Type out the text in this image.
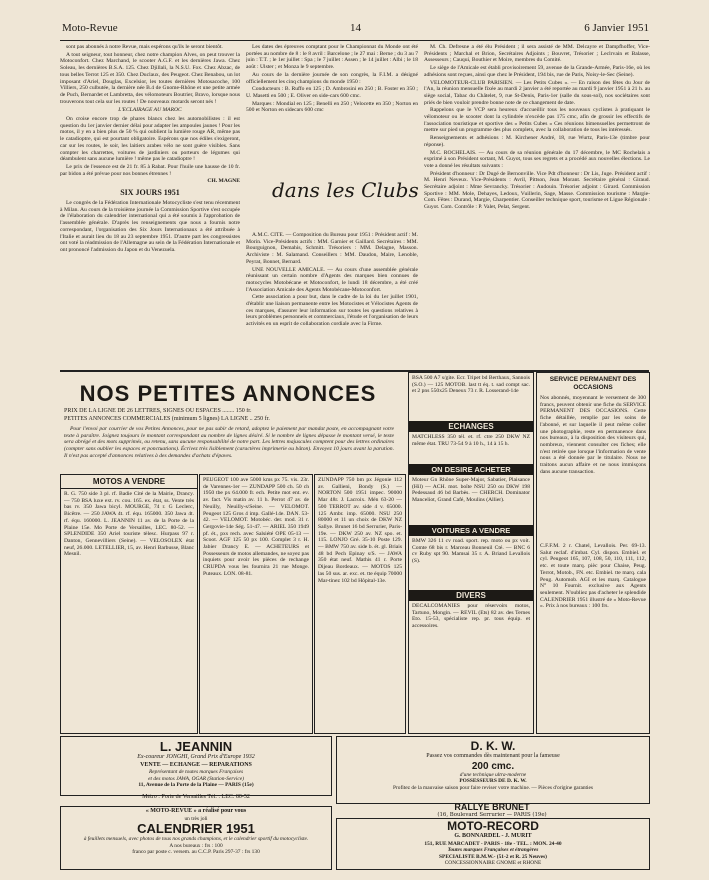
Moto-Revue	14	6 Janvier 1951

sont pas abonnés à notre Revue, mais espérons qu'ils le seront bientôt.

A tout seigneur, tout honneur, chez notre champion Alves, on peut trouver la Motoconfort. Chez Marchand, le scooter A.G.F. et les dernières Jawa. Chez Soleau, les dernières B.S.A. 125. Chez Djillali, la N.S.U. Fox. Chez Abzac, de tous belles Terrot 125 et 350. Chez Duclaux, des Peugeot. Chez Benabou, un lot imposant d'Ariel, Douglas, Excelsior, les toutes dernières Motosacoche, 100 Villiers, 250 culbutée, la dernière née B.4 de Gnome-Rhône et une petite armée de Puch, Bernardet et Lambretta, des vélomoteurs Boutrier, Bravo, lorsque nous trouverons tout cela sur les routes ! De nouveaux motards seront nés !

L'ECLAIRAGE AU MAROC

On croise encore trop de phares blancs chez les automobilistes : il est question du 1er janvier dernier délai pour adapter les ampoules jaunes ! Pour les motos, il y en a bien plus de 50 % qui oublient la lumière rouge AR, même pas le catadioptre, qui est pourtant obligatoire. Espérons que nos édiles s'exigeront, car sur les routes, le soir, les laitiers arabes vélo ne sont guère visibles. Sans compter les charrettes, voitures de jardiniers ou porteurs de légumes qui déambulent sans aucune lumière ! même pas le catadioptre !

Le prix de l'essence est de 21 fr. 85 à Rabat. Pour l'huile une hausse de 10 fr. par bidon a été prévue pour nos bonnes étrennes !

CH. MAGNE
SIX JOURS 1951

Le congrès de la Fédération Internationale Motocycliste s'est tenu récemment à Milan. Au cours de la troisième journée la Commission Sportive s'est occupée de l'élaboration du calendrier international qui a été soumis à l'approbation de l'assemblée générale. D'après les renseignements que nous a fournis notre correspondant, l'organisation des Six Jours Internationaux a été attribuée à l'Italie et aurait lieu du 18 au 23 septembre 1951. D'autre part les congressistes ont voté la réadmission de l'Allemagne au sein de la Fédération Internationale et ont prononcé l'admission du Japon et du Venezuela.

Les dates des épreuves comptant pour le Championnat du Monde ont été portées au nombre de 8 : le 8 avril : Barcelone ; le 27 mai : Berne ; du 3 au 7 juin : T.T. ; le 1er juillet : Spa ; le 7 juillet : Assen ; le 14 juillet : Albi ; le 18 août : Ulster ; et Monza le 9 septembre.

Au cours de la dernière journée de son congrès, la F.I.M. a désigné officiellement les cinq champions du monde 1950 :

Conducteurs : B. Ruffo en 125 ; D. Ambrosini en 250 ; B. Foster en 350 ; U. Masetti en 500 ; E. Oliver en side-cars 600 cmc.

Marques : Mondial en 125 ; Benelli en 250 ; Velocette en 350 ; Norton en 500 et Norton en sidecars 600 cmc

dans les Clubs

A.M.C. CITE. — Composition du Bureau pour 1951 : Président actif : M. Morin. Vice-Présidents actifs : MM. Garnier et Gaillard. Secrétaires : MM. Bourguignon, Demahis, Schmitt. Trésoriers : MM. Delagne, Masson. Archiviste : M. Salamand. Conseillers : MM. Daudon, Maire, Lenoble, Peyrat, Bonnet, Bernard.

UNE NOUVELLE AMICALE. — Au cours d'une assemblée générale réunissant un certain nombre d'Agents des marques bien connues de motocycles Motobécane et Motoconfort, le lundi 18 décembre, a été créé l'Association Amicale des Agents Motobécane-Motoconfort.

Cette association a pour but, dans le cadre de la loi du 1er juillet 1901, d'établir une liaison permanente entre les Motocistes et Vélocistes Agents de ces marques, d'assurer leur information sur toutes les questions relatives à leurs problèmes personnels et commerciaux, l'étude et l'organisation de leurs activités en un esprit de collaboration cordiale avec la Firme.

M. Ch. Defresne a été élu Président ; il sera assisté de MM. Delcayre et Dampfhoffer, Vice-Présidents ; Marchal et Brion, Secrétaires Adjoints ; Bouvret, Trésorier ; Leclrvain et Balasse, Assesseurs ; Cauqui, Bouthier et Moire, membres du Comité.

Le siège de l'Amicale est établi provisoirement 59, avenue de la Grande-Armée, Paris-16e, où les adhésions sont reçues, ainsi que chez le Président, 194 bis, rue de Paris, Noisy-le-Sec (Seine).

VELOMOTEUR-CLUB PARISIEN. — Les Petits Cubes ». — En raison des fêtes du Jour de l'An, la réunion mensuelle fixée au mardi 2 janvier a été reportée au mardi 9 janvier 1951 à 21 h. au siège social, Tabac du Châtelet, 9, rue St-Denis, Paris-1er (salle du sous-sol), nos sociétaires sont priés de bien vouloir prendre bonne note de ce changement de date.

Rappelons que le VCP sera heureux d'accueillir tous les nouveaux cyclistes à pratiquant le vélomoteur ou le scooter dont la cylindrée n'excède pas 175 cmc, afin de grossir les effectifs de l'association touristique et sportive des « Petits Cubes » Ces réunions bimensuelles permettront de mettre sur pied un programme des plus complets, avec la collaboration de tous les intéressés.

Renseignements et adhésions : M. Kirchener André, 18, rue Wurtz, Paris-13e (timbre pour réponse).

M.C. ROCHELAIS. — Au cours de sa réunion générale du 17 décembre, le MC Rochelais a exprimé à son Président sortant, M. Guyot, tous ses regrets et a procédé aux nouvelles élections. Le vote a donné les résultats suivants :

Président d'honneur : Dr Dugé de Bernonville. Vice Pdt d'honneur : Dr Lis, Juge. Président actif : M. Henri Neveux. Vice-Présidents : Avril, Pittson, Jean Morant. Secrétaire général : Giraud. Secrétaire adjoint : Mme Sevrancky. Trésorier : Audouin. Trésorier adjoint : Girard. Commission Sportive : MM. Mole, Dehayes, Ledoux, Vuillerin, Sage, Masse. Commission tourisme : Margie-Com. Fêtes : Durand, Margie, Charpentier. Conseiller technique sport, tourisme et Ligue Régionale : Guyot. Com. Contrôle : P. Valet, Pelat, Sergent.

NOS PETITES ANNONCES
PRIX DE LA LIGNE DE 26 LETTRES, SIGNES OU ESPACES ........ 150 fr.
PETITES ANNONCES COMMERCIALES (minimum 5 lignes) LA LIGNE .. 250 fr.

Pour l'envoi par courrier de vos Petites Annonces, pour ne pas subir de retard, adoptez le paiement par mandat poste, en accompagnant votre texte à paraître. Joignez toujours le montant correspondant au nombre de lignes désiré. Si le nombre de lignes dépasse le montant versé, le texte sera abrégé et des mots supprimés, ou retenu, sans aucune responsabilité de notre part. Les lettres majuscules comptent pour des lettres ordinaires (compter sans oublier les espaces et ponctuations). Écrivez très lisiblement (caractères imprimerie ou bâton). Envoyez 10 jours avant la parution. Il n'est pas accepté d'annonces relatives à des demandes d'achats d'épaves.

MOTOS A VENDRE
R. G. 750 side 3 pl. rf. Badie Cité de la Mairie, Drancy. — 750 BSA luxe ext. rv. cou. 165. ex. état, ss. Vente très bas rv. 350 Jawa bicyl. MOURGE, 74 r. G Leclerc, Bicêtre. — 250 JAWA 4t. rf. équ. 165000. 350 Jawa 4t. rf. équ. 160000. L. JEANNIN 11 av. de la Porte de la Plaine 15e. Mo Porte de Versailles, LEC. 80-52. — SPLENDIDE 350 Ariel touriste tèlesc. Hurpass 97 r. Danton, Gennevilliers (Seine). — VELOSOLEX état neuf, 26.000. LETELLIER, 15, av. Henri Barbusse, Blanc Mesnil.
PEUGEOT 100 ave 5000 kms px 75. vis. 23r. de Varennes-1er — ZUNDAPP 500 ch. 50 ch 1950 tbe px 64.000 fr. ech. Petite mot ent. ev. av. fact. Vis matin av. 11 h. Perrot 47 av. de Neuilly, Neuilly-s/Seine. — VELOMOT. Peugeot 125 Gros 4 imp. Gallé-14e. DAN. 53-42. — VELOMOT. Motobéc. der. mod. 31 r. Gergovie-14e Ség. 51-47. — ARIEL 350 1949 pf. ét., pxs rech. avec Salsiété OPE 05-13 — Scoot. AGF 125 50 px 100. Complet 3 r. H. Jabier Drancy E. — ACHETEURS et Possesseurs de motos allemandes, ne soyez pas inquiets pour avoir les pièces de rechange CRUPDA vous les fournira 21 rue Monge. Puteaux. LON. 08-81.
ZUNDAPP 750 bm px Jégonie 112 av. Gallieni, Bondy (S.) — NORTON 500 1951 impec. 90000 Mar 48r. J. Lacroix. Mén 63-20 — 500 TERROT av. side 4 v. 65000. 125 Ambr. imp. 65000. NSU 250 80000 et 11 un choix de DKW NZ Sallye. Brunet 16 bd Serrurier, Paris-19e. — DKW 250 av. NZ spo. et. 115. LONJO Gré. 35-10 Poste 129. — BMW 750 av. side b. ét. gl. Briais 48 bd Pech Epinay s/S. — JAWA 350 état neuf. Mathis 41 r. Porte Dijeau Bordeaux. — MOTOS 125 las 50 sus. ar. exc. et. tte équip 70000 Mar-tinez 102 bd Hôpital-13e.
BSA 500 A7 s/gite. Ecr. Tripet bd Berthaux, Sannois (S.O.) — 125 MOTOB. last tt éq. t. sad compt sac. et 2 pns 550x25 Deneux 73 r. R. Losserand-14e
ECHANGES
MATCHLESS 350 tél. et. rf. ctre 250 DKW NZ même état. TRU 73-54 9 à 10 h., 14 à 15 h.
ON DESIRE ACHETER
Moteur Gn Rhône Super-Major, Sabatier, Plaisance (Hil) — ACH. mot. boîte NSU 250 ou DKW 198 Pedessaud 46 bd Barbès. — CHERCH. Dominator Manceliot, Grand Café, Moulins (Allier).
VOITURES A VENDRE
BMW 326 11 cv road. sport. rep. moto ou px voit. Comte 68 bis r. Marceau Bonneuil Cté. — BNC 6 cv Ruby spt 90. Mamsai 35 r. A. Briand Levallois (S).
DIVERS
DECALCOMANIES pour réservoirs motos, Tartuno, Mongin. — REVIL (Ets) 82 av. des Ternes Eto. 15-53, spécialiste rep. pr. tous équip. et accessoires.
SERVICE PERMANENT DES OCCASIONS
Nos abonnés, moyennant le versement de 300 francs, peuvent obtenir une fiche du SERVICE PERMANENT DES OCCASIONS. Cette fiche détaillée, remplie par les soins de l'abonné, et sur laquelle il peut même coller une photographie, reste en permanence dans nos bureaux, à la disposition des visiteurs qui, nombreux, viennent consulter ces fiches; elle n'est retirée que lorsque l'information de vente nous a été donnée par le titulaire. Nous ne traitons aucun affaire et ne nous immisçons dans aucune transaction.
C.F.F.M. 2 r. Chatel, Levallois. Per. 69-13. Salut reclaf. d'imbat. Cyl. dispon. Embiel. et cyl. Peugeot 165, 107, 108, 50, 110, 111, 112, etc. et toute marq. pièc pour Chaise, Peug. Terrot, Motob., FN. etc. Embiel. tte marq. cala Peug. Automob. AGI et les marq. Catalogue N° 10 Fournit. exclusive aux Agents seulement. N'oubliez pas d'acheter le splendide CALENDRIER 1951 illustré de « Moto-Revue ». Prix à nos bureaux : 100 frs.
L. JEANNIN
Ex-coureur JONGHI, Grand Prix d'Europe 1932
VENTE — ECHANGE — REPARATIONS
Représentant de toutes marques Françaises
et des motos JAWA, OGAR (Station-Service)
11, Avenue de la Porte de la Plaine — PARIS (15e)
Métro : Porte de Versailles Tél. : LEC. 80-52
D. K. W.
Passez vos commandes dès maintenant pour la fameuse
200 cmc.
d'une technique ultra-moderne
POSSESSEURS DE D. K. W.
Profitez de la mauvaise saison pour faire reviser votre machine. — Pièces d'origine garanties
RALLYE BRUNET
(16, Boulevard Serrurier — PARIS (19e)
« MOTO-REVUE » a réalisé pour vous
un très joli
CALENDRIER 1951
à feuillets mensuels, avec photos de tous nos grands champions, et le calendrier sportif du motocycliste.
A nos bureaux : frs : 100
franco par poste c. versem. au C.C.P. Paris 297-37 : frs 130
MOTO-RECORD
G. BONNARDEL - J. MURIT
151, RUE MARCADET - PARIS - 18e - TEL. : MON. 24-40
Toutes marques Françaises et étrangères
SPECIALISTE B.M.W.- (51-2 et R. 25 Neuves)
CONCESSIONNAIRE GNOME et RHONE
